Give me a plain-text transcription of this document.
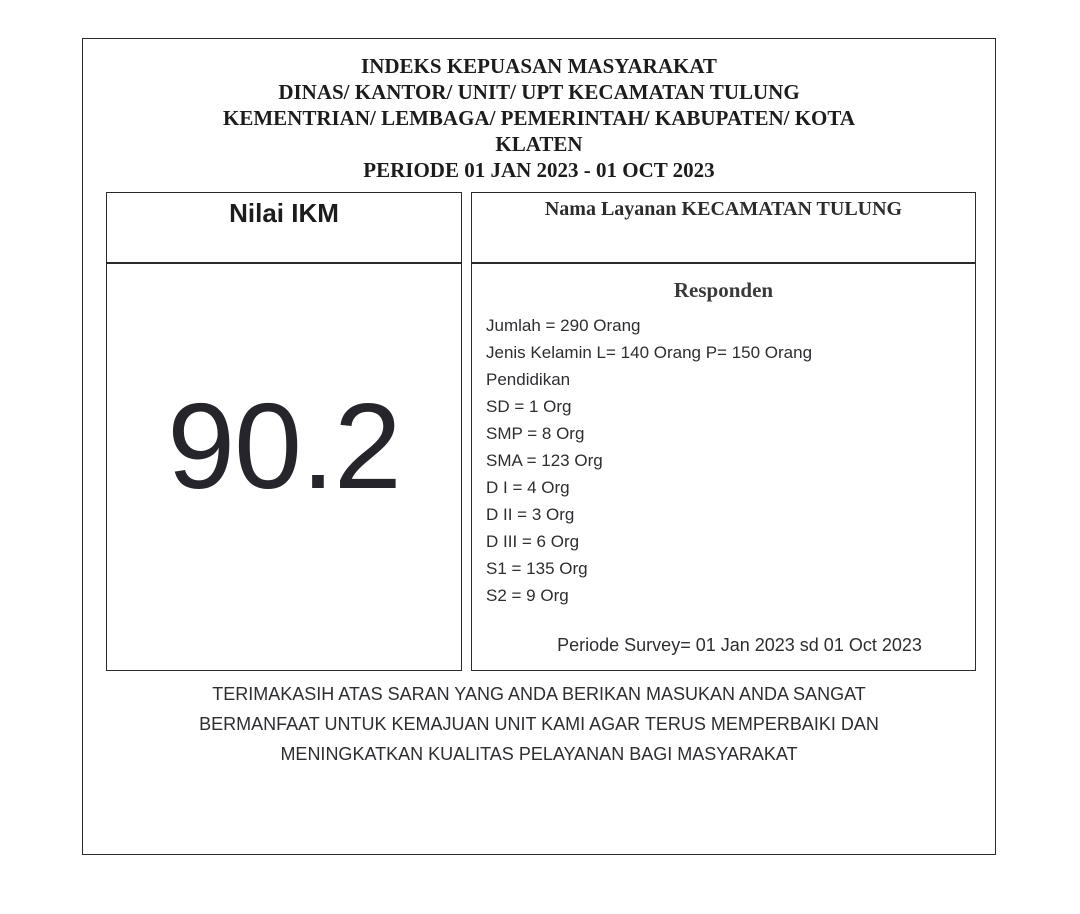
INDEKS KEPUASAN MASYARAKAT
DINAS/ KANTOR/ UNIT/ UPT KECAMATAN TULUNG
KEMENTRIAN/ LEMBAGA/ PEMERINTAH/ KABUPATEN/ KOTA
KLATEN
PERIODE 01 JAN 2023 - 01 OCT 2023
Nilai IKM
90.2
Nama Layanan KECAMATAN TULUNG
Responden
Jumlah = 290 Orang
Jenis Kelamin L= 140 Orang P= 150 Orang
Pendidikan
SD = 1 Org
SMP = 8 Org
SMA = 123 Org
D I = 4 Org
D II = 3 Org
D III = 6 Org
S1 = 135 Org
S2 = 9 Org
Periode Survey= 01 Jan 2023 sd 01 Oct 2023
TERIMAKASIH ATAS SARAN YANG ANDA BERIKAN MASUKAN ANDA SANGAT
BERMANFAAT UNTUK KEMAJUAN UNIT KAMI AGAR TERUS MEMPERBAIKI DAN
MENINGKATKAN KUALITAS PELAYANAN BAGI MASYARAKAT
